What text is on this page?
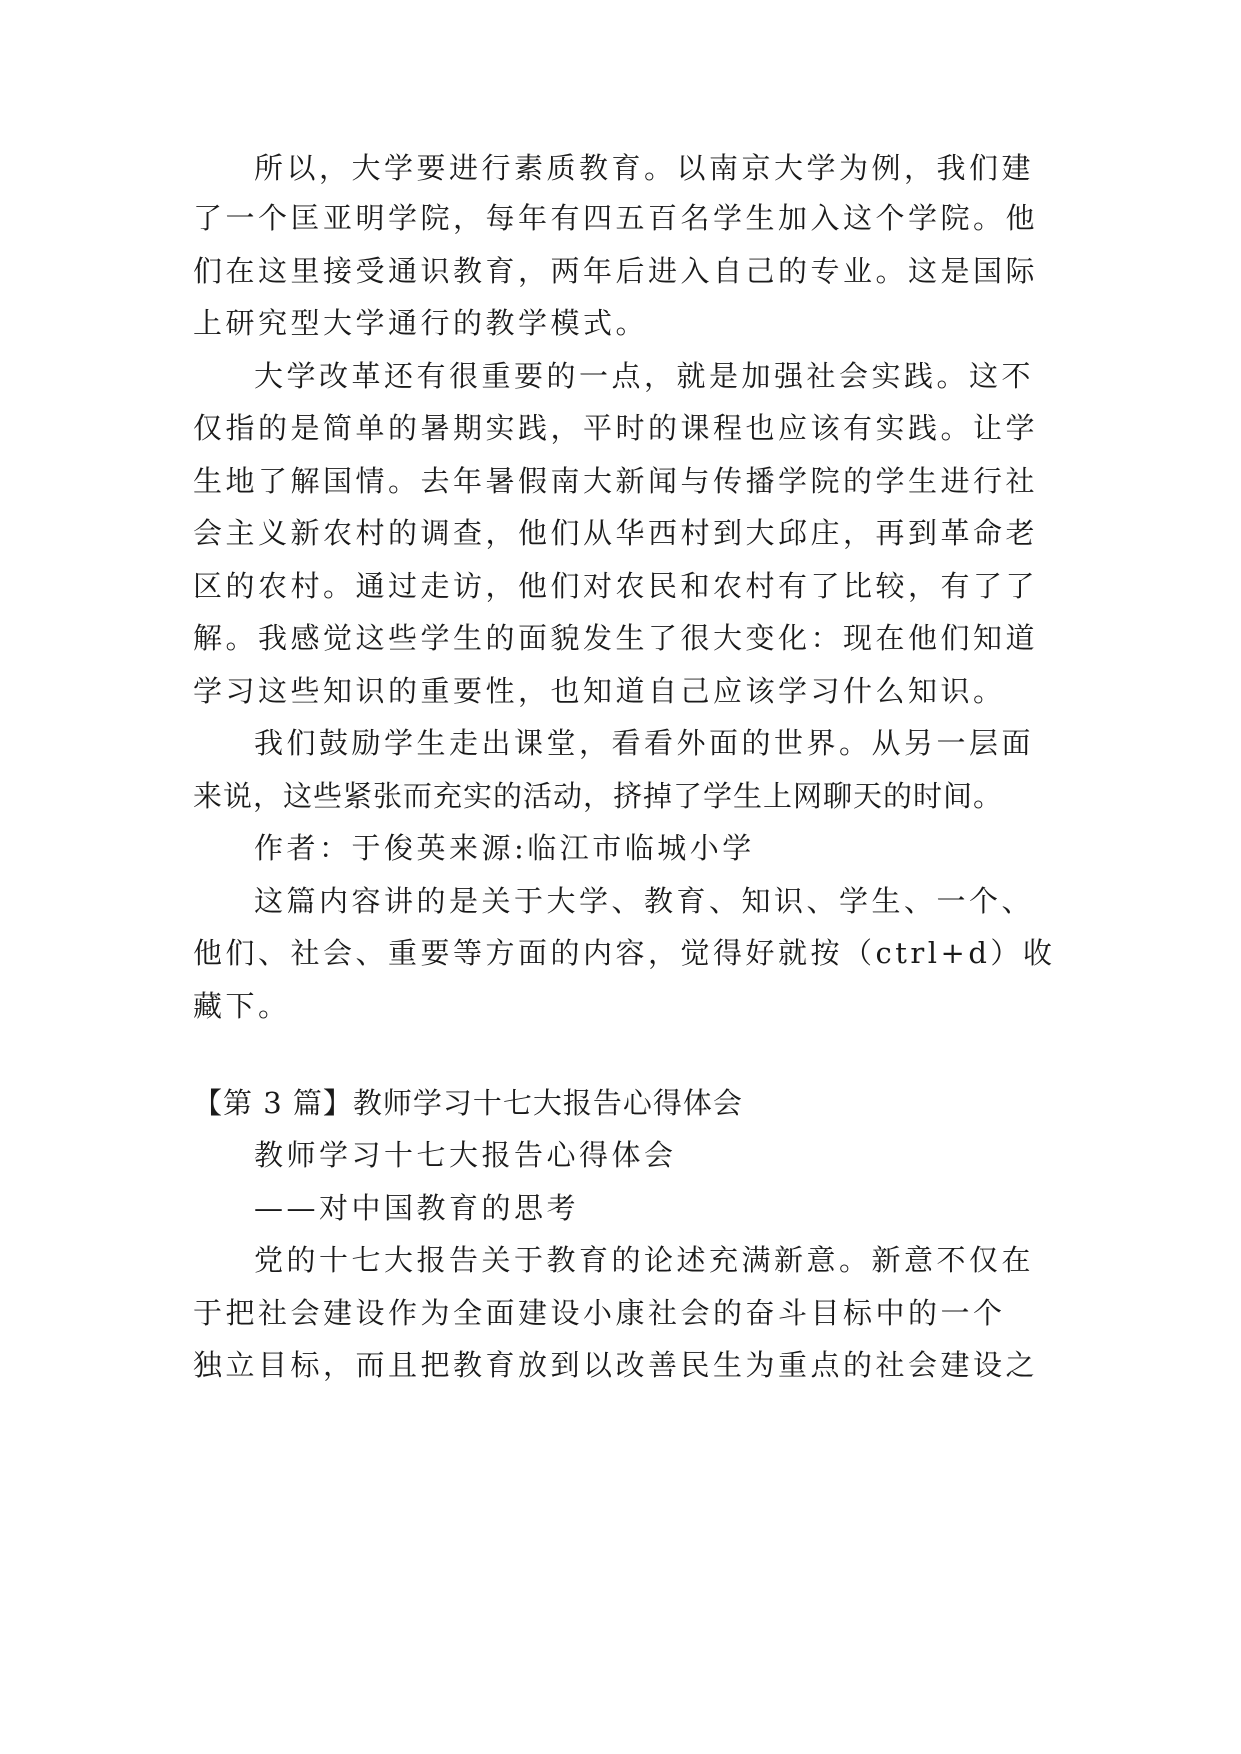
所以，大学要进行素质教育。以南京大学为例，我们建
了一个匡亚明学院，每年有四五百名学生加入这个学院。他
们在这里接受通识教育，两年后进入自己的专业。这是国际
上研究型大学通行的教学模式。
大学改革还有很重要的一点，就是加强社会实践。这不
仅指的是简单的暑期实践，平时的课程也应该有实践。让学
生地了解国情。去年暑假南大新闻与传播学院的学生进行社
会主义新农村的调查，他们从华西村到大邱庄，再到革命老
区的农村。通过走访，他们对农民和农村有了比较，有了了
解。我感觉这些学生的面貌发生了很大变化：现在他们知道
学习这些知识的重要性，也知道自己应该学习什么知识。
我们鼓励学生走出课堂，看看外面的世界。从另一层面
来说，这些紧张而充实的活动，挤掉了学生上网聊天的时间。
作者：于俊英来源:临江市临城小学
这篇内容讲的是关于大学、教育、知识、学生、一个、
他们、社会、重要等方面的内容，觉得好就按（ctrl+d）收
藏下。
【第 3 篇】教师学习十七大报告心得体会
教师学习十七大报告心得体会
——对中国教育的思考
党的十七大报告关于教育的论述充满新意。新意不仅在
于把社会建设作为全面建设小康社会的奋斗目标中的一个
独立目标，而且把教育放到以改善民生为重点的社会建设之
